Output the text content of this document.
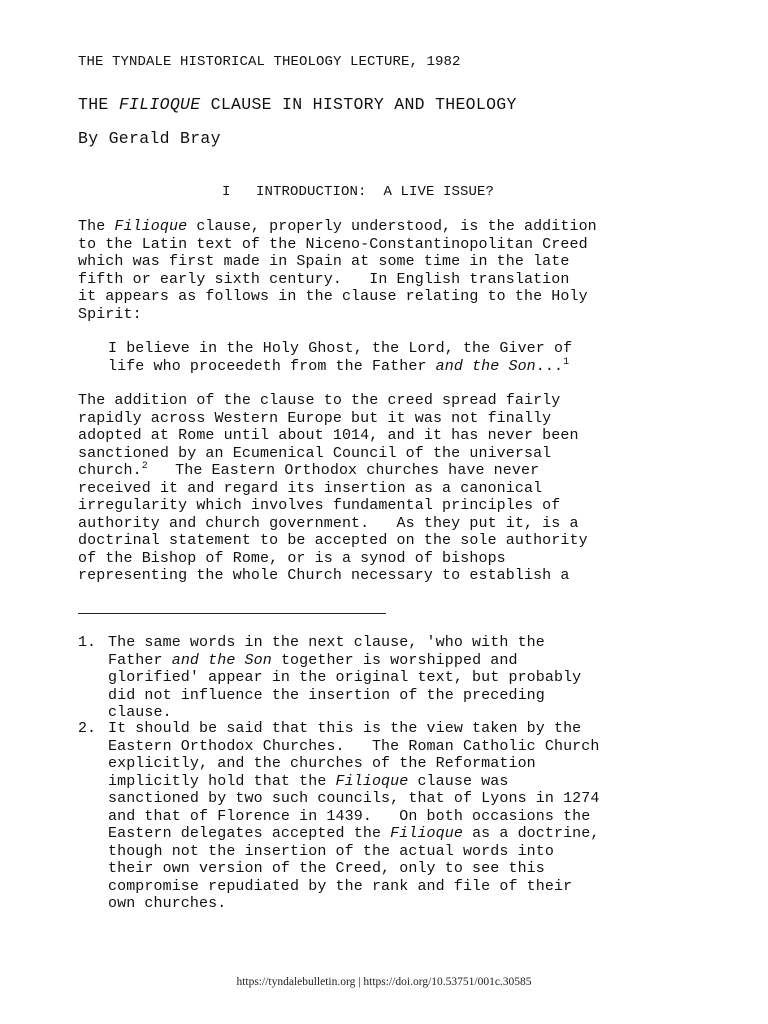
THE TYNDALE HISTORICAL THEOLOGY LECTURE, 1982
THE FILIOQUE CLAUSE IN HISTORY AND THEOLOGY
By Gerald Bray
I   INTRODUCTION:  A LIVE ISSUE?
The Filioque clause, properly understood, is the addition
to the Latin text of the Niceno-Constantinopolitan Creed
which was first made in Spain at some time in the late
fifth or early sixth century.   In English translation
it appears as follows in the clause relating to the Holy
Spirit:
I believe in the Holy Ghost, the Lord, the Giver of
life who proceedeth from the Father and the Son...$^1$
The addition of the clause to the creed spread fairly
rapidly across Western Europe but it was not finally
adopted at Rome until about 1014, and it has never been
sanctioned by an Ecumenical Council of the universal
church.$^2$   The Eastern Orthodox churches have never
received it and regard its insertion as a canonical
irregularity which involves fundamental principles of
authority and church government.   As they put it, is a
doctrinal statement to be accepted on the sole authority
of the Bishop of Rome, or is a synod of bishops
representing the whole Church necessary to establish a
1. The same words in the next clause, 'who with the
Father and the Son together is worshipped and
glorified' appear in the original text, but probably
did not influence the insertion of the preceding
clause.
2. It should be said that this is the view taken by the
Eastern Orthodox Churches.   The Roman Catholic Church
explicitly, and the churches of the Reformation
implicitly hold that the Filioque clause was
sanctioned by two such councils, that of Lyons in 1274
and that of Florence in 1439.   On both occasions the
Eastern delegates accepted the Filioque as a doctrine,
though not the insertion of the actual words into
their own version of the Creed, only to see this
compromise repudiated by the rank and file of their
own churches.
https://tyndalebulletin.org | https://doi.org/10.53751/001c.30585
